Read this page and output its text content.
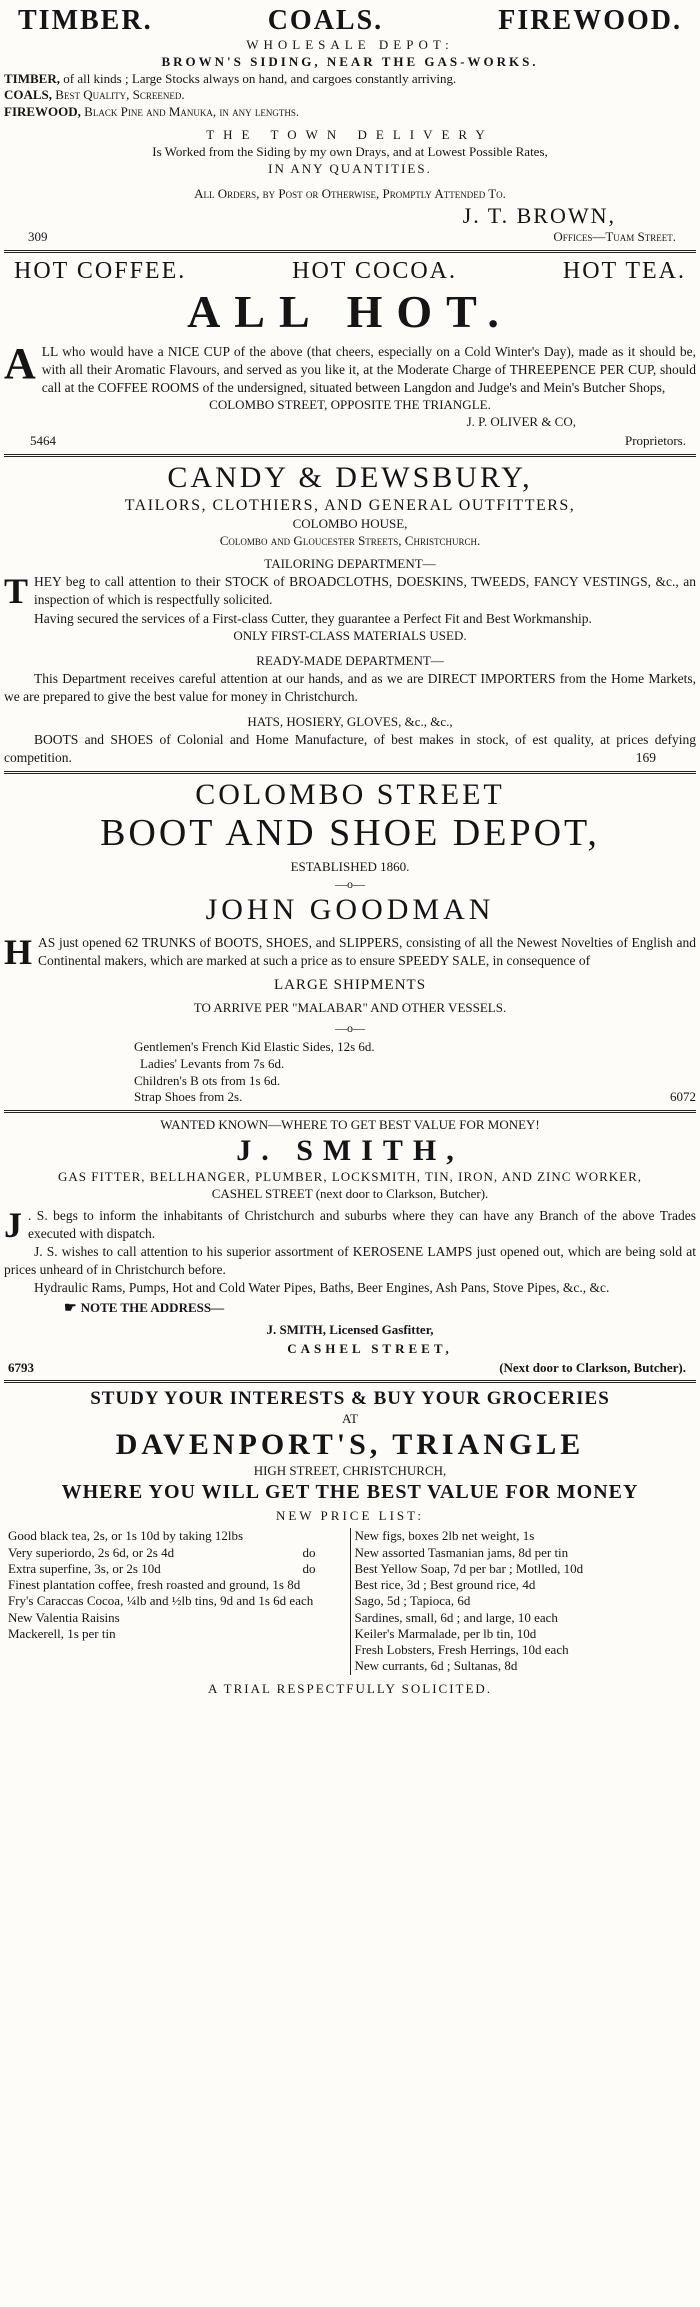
TIMBER.	COALS.	FIREWOOD.
WHOLESALE DEPOT:
BROWN'S SIDING, NEAR THE GAS-WORKS.

TIMBER, of all kinds ; Large Stocks always on hand, and cargoes constantly arriving.

COALS, Best Quality, Screened.

FIREWOOD, Black Pine and Manuka, in any lengths.

THE TOWN DELIVERY
Is Worked from the Siding by my own Drays, and at Lowest Possible Rates,
IN ANY QUANTITIES.
All Orders, by Post or Otherwise, Promptly Attended To.
J. T. BROWN,
309	Offices—Tuam Street.
HOT COFFEE.	HOT COCOA.	HOT TEA.
ALL HOT.

ALL who would have a NICE CUP of the above (that cheers, especially on a Cold Winter's Day), made as it should be, with all their Aromatic Flavours, and served as you like it, at the Moderate Charge of THREEPENCE PER CUP, should call at the COFFEE ROOMS of the undersigned, situated between Langdon and Judge's and Mein's Butcher Shops,

COLOMBO STREET, OPPOSITE THE TRIANGLE.
J. P. OLIVER & CO,
5464	Proprietors.
CANDY & DEWSBURY,
TAILORS, CLOTHIERS, AND GENERAL OUTFITTERS,
COLOMBO HOUSE,
Colombo and Gloucester Streets, Christchurch.
TAILORING DEPARTMENT—

THEY beg to call attention to their STOCK of BROADCLOTHS, DOESKINS, TWEEDS, FANCY VESTINGS, &c., an inspection of which is respectfully solicited.

Having secured the services of a First-class Cutter, they guarantee a Perfect Fit and Best Workmanship.

ONLY FIRST-CLASS MATERIALS USED.
READY-MADE DEPARTMENT—

This Department receives careful attention at our hands, and as we are DIRECT IMPORTERS from the Home Markets, we are prepared to give the best value for money in Christchurch.

HATS, HOSIERY, GLOVES, &c., &c.,

BOOTS and SHOES of Colonial and Home Manufacture, of best makes in stock, of est quality, at prices defying competition.	169

COLOMBO STREET
BOOT AND SHOE DEPOT,
ESTABLISHED 1860.
—o—
JOHN GOODMAN

HAS just opened 62 TRUNKS of BOOTS, SHOES, and SLIPPERS, consisting of all the Newest Novelties of English and Continental makers, which are marked at such a price as to ensure SPEEDY SALE, in consequence of

LARGE SHIPMENTS
TO ARRIVE PER "MALABAR" AND OTHER VESSELS.
—o—
Gentlemen's French Kid Elastic Sides, 12s 6d.
Ladies' Levants from 7s 6d.
Children's B ots from 1s 6d.
Strap Shoes from 2s.	6072
WANTED KNOWN—WHERE TO GET BEST VALUE FOR MONEY!
J. SMITH,
GAS FITTER, BELLHANGER, PLUMBER, LOCKSMITH, TIN, IRON, AND ZINC WORKER,
CASHEL STREET (next door to Clarkson, Butcher).

J . S. begs to inform the inhabitants of Christchurch and suburbs where they can have any Branch of the above Trades executed with dispatch.

J. S. wishes to call attention to his superior assortment of KEROSENE LAMPS just opened out, which are being sold at prices unheard of in Christchurch before.

Hydraulic Rams, Pumps, Hot and Cold Water Pipes, Baths, Beer Engines, Ash Pans, Stove Pipes, &c., &c.

☛ NOTE THE ADDRESS—
J. SMITH, Licensed Gasfitter,
CASHEL STREET,
6793	(Next door to Clarkson, Butcher).
STUDY YOUR INTERESTS & BUY YOUR GROCERIES
AT
DAVENPORT'S, TRIANGLE
HIGH STREET, CHRISTCHURCH,
WHERE YOU WILL GET THE BEST VALUE FOR MONEY
NEW PRICE LIST:
Good black tea, 2s, or 1s 10d by taking 12lbs
Very superiordo, 2s 6d, or 2s 4d	do
Extra superfine, 3s, or 2s 10d	do
Finest plantation coffee, fresh roasted and ground, 1s 8d
Fry's Caraccas Cocoa, ¼lb and ½lb tins, 9d and 1s 6d each
New Valentia Raisins
Mackerell, 1s per tin

New figs, boxes 2lb net weight, 1s
New assorted Tasmanian jams, 8d per tin
Best Yellow Soap, 7d per bar ; Motlled, 10d
Best rice, 3d ; Best ground rice, 4d
Sago, 5d ; Tapioca, 6d
Sardines, small, 6d ; and large, 10 each
Keiler's Marmalade, per lb tin, 10d
Fresh Lobsters, Fresh Herrings, 10d each
New currants, 6d ; Sultanas, 8d
A TRIAL RESPECTFULLY SOLICITED.
